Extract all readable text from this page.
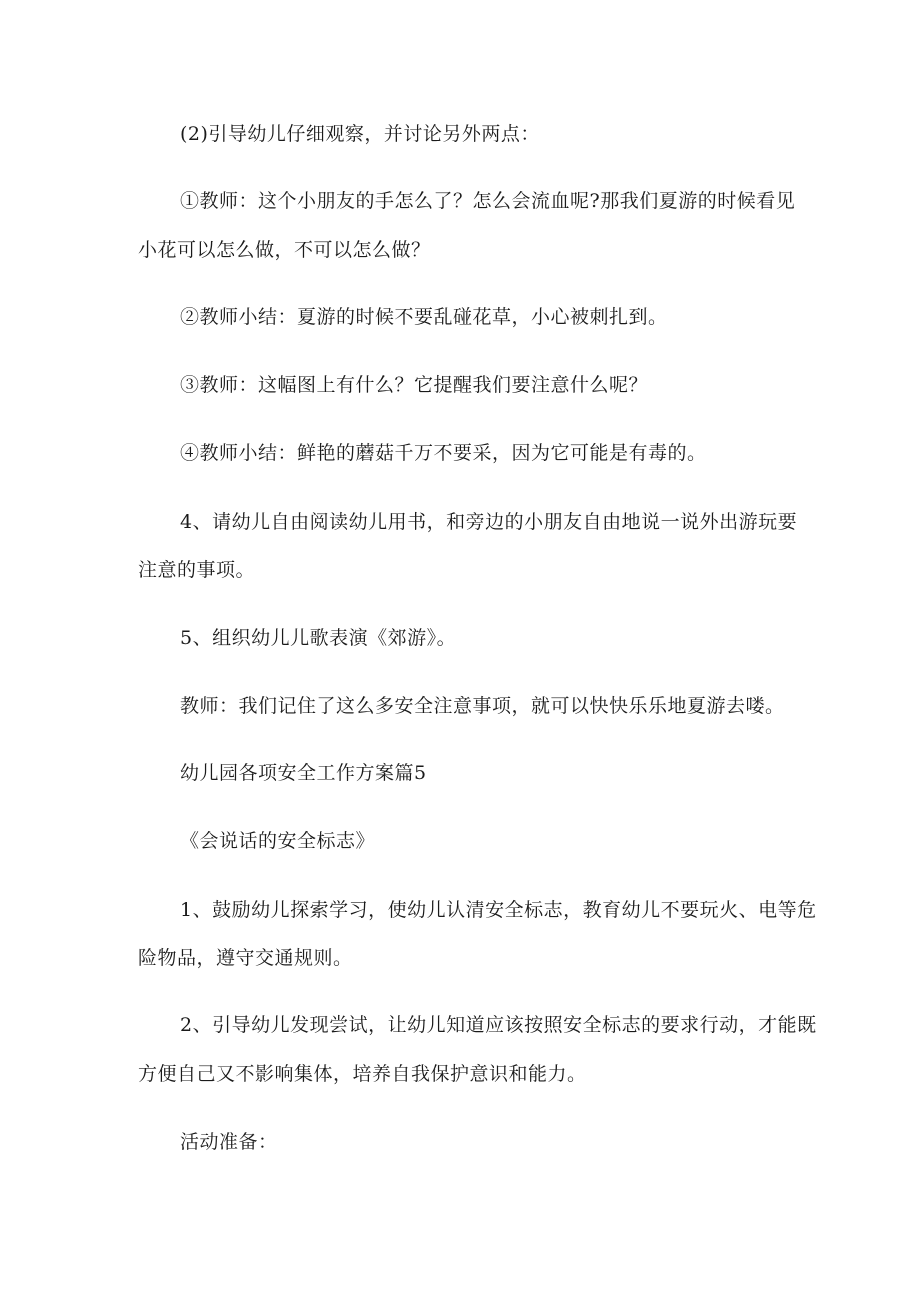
(2)引导幼儿仔细观察，并讨论另外两点：
①教师：这个小朋友的手怎么了？怎么会流血呢?那我们夏游的时候看见
小花可以怎么做，不可以怎么做？
②教师小结：夏游的时候不要乱碰花草，小心被刺扎到。
③教师：这幅图上有什么？它提醒我们要注意什么呢？
④教师小结：鲜艳的蘑菇千万不要采，因为它可能是有毒的。
4、请幼儿自由阅读幼儿用书，和旁边的小朋友自由地说一说外出游玩要
注意的事项。
5、组织幼儿儿歌表演《郊游》。
教师：我们记住了这么多安全注意事项，就可以快快乐乐地夏游去喽。
幼儿园各项安全工作方案篇5
《会说话的安全标志》
1、鼓励幼儿探索学习，使幼儿认清安全标志，教育幼儿不要玩火、电等危
险物品，遵守交通规则。
2、引导幼儿发现尝试，让幼儿知道应该按照安全标志的要求行动，才能既
方便自己又不影响集体，培养自我保护意识和能力。
活动准备：
